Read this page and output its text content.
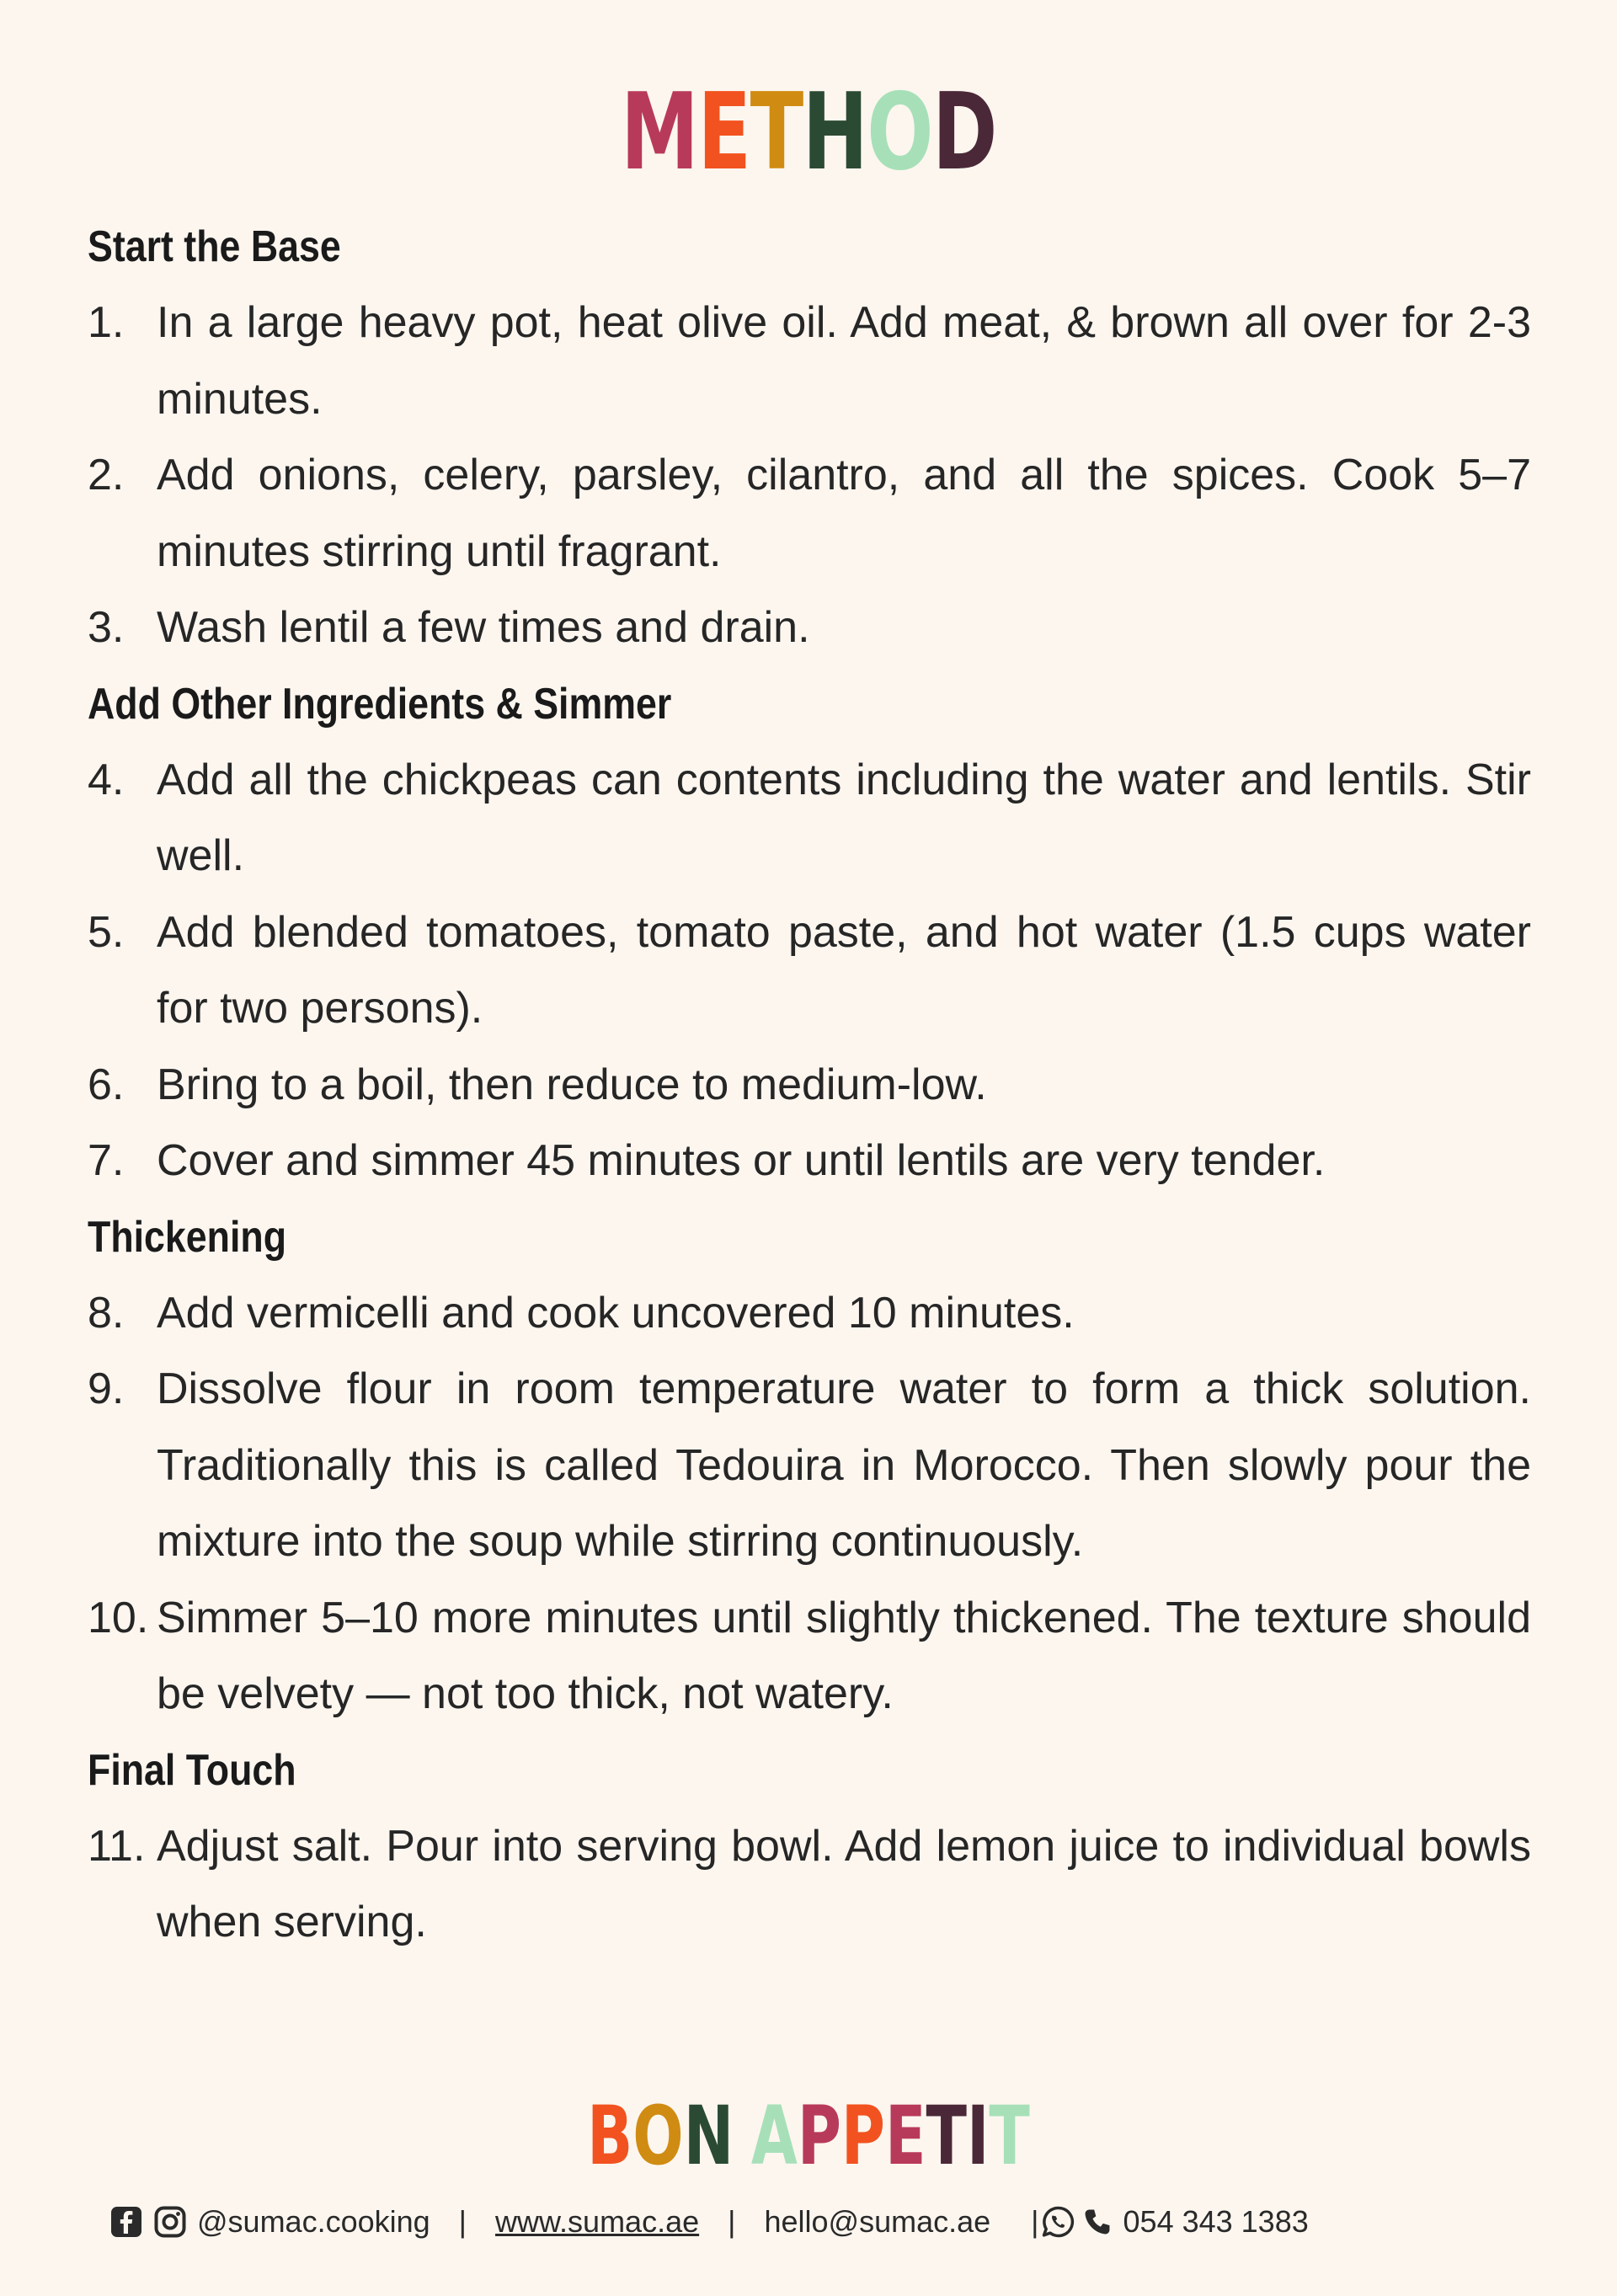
METHOD
Start the Base
1. In a large heavy pot, heat olive oil. Add meat, & brown all over for 2-3 minutes.
2. Add onions, celery, parsley, cilantro, and all the spices. Cook 5–7 minutes stirring until fragrant.
3. Wash lentil a few times and drain.
Add Other Ingredients & Simmer
4. Add all the chickpeas can contents including the water and lentils. Stir well.
5. Add blended tomatoes, tomato paste, and hot water (1.5 cups water for two persons).
6. Bring to a boil, then reduce to medium-low.
7. Cover and simmer 45 minutes or until lentils are very tender.
Thickening
8. Add vermicelli and cook uncovered 10 minutes.
9. Dissolve flour in room temperature water to form a thick solution. Traditionally this is called Tedouira in Morocco. Then slowly pour the mixture into the soup while stirring continuously.
10. Simmer 5–10 more minutes until slightly thickened. The texture should be velvety — not too thick, not watery.
Final Touch
11. Adjust salt. Pour into serving bowl. Add lemon juice to individual bowls when serving.
BON APPETIT
@sumac.cooking | www.sumac.ae | hello@sumac.ae |	054 343 1383
